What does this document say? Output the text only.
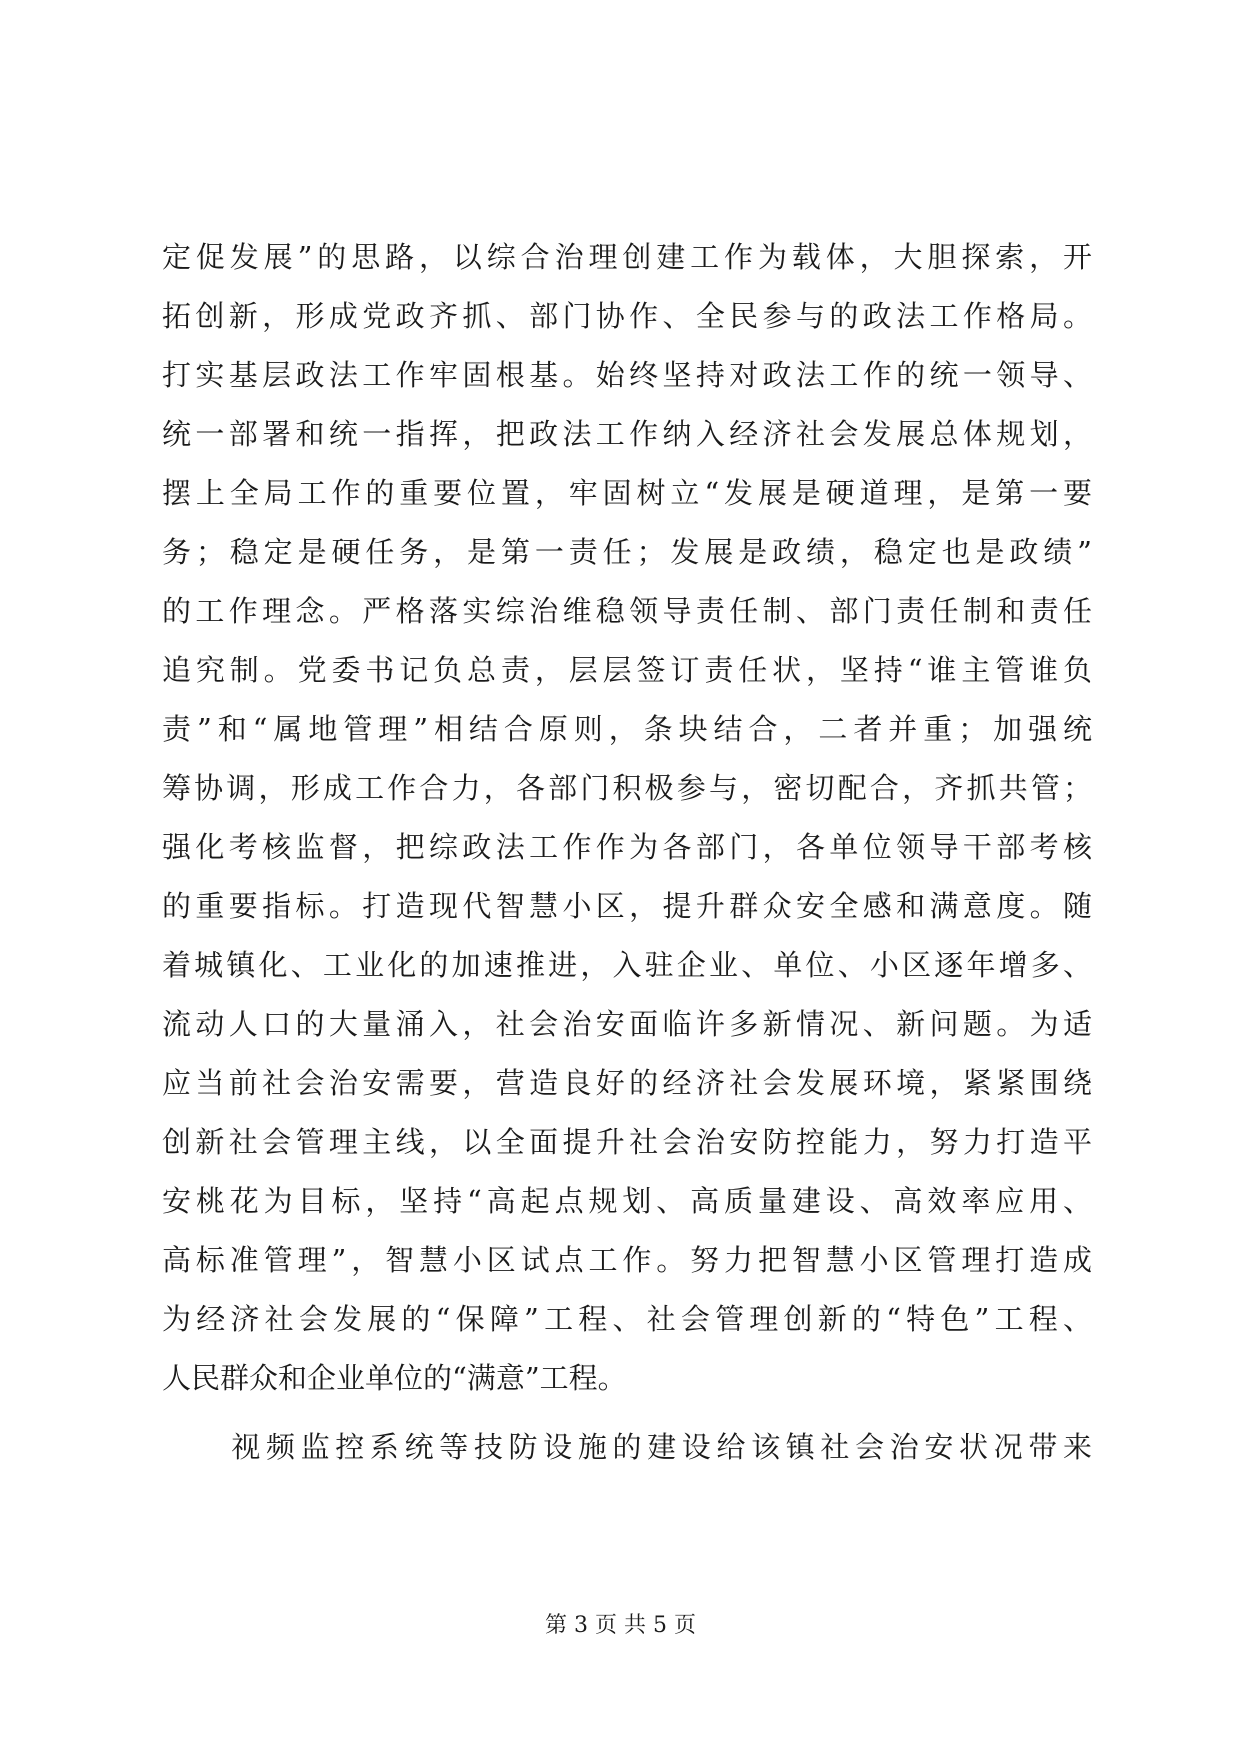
定促发展”的思路，以综合治理创建工作为载体，大胆探索，开
拓创新，形成党政齐抓、部门协作、全民参与的政法工作格局。
打实基层政法工作牢固根基。始终坚持对政法工作的统一领导、
统一部署和统一指挥，把政法工作纳入经济社会发展总体规划，
摆上全局工作的重要位置，牢固树立“发展是硬道理，是第一要
务；稳定是硬任务，是第一责任；发展是政绩，稳定也是政绩”
的工作理念。严格落实综治维稳领导责任制、部门责任制和责任
追究制。党委书记负总责，层层签订责任状，坚持“谁主管谁负
责”和“属地管理”相结合原则，条块结合，二者并重；加强统
筹协调，形成工作合力，各部门积极参与，密切配合，齐抓共管；
强化考核监督，把综政法工作作为各部门，各单位领导干部考核
的重要指标。打造现代智慧小区，提升群众安全感和满意度。随
着城镇化、工业化的加速推进，入驻企业、单位、小区逐年增多、
流动人口的大量涌入，社会治安面临许多新情况、新问题。为适
应当前社会治安需要，营造良好的经济社会发展环境，紧紧围绕
创新社会管理主线，以全面提升社会治安防控能力，努力打造平
安桃花为目标，坚持“高起点规划、高质量建设、高效率应用、
高标准管理”，智慧小区试点工作。努力把智慧小区管理打造成
为经济社会发展的“保障”工程、社会管理创新的“特色”工程、
人民群众和企业单位的“满意”工程。
　　视频监控系统等技防设施的建设给该镇社会治安状况带来
第 3 页 共 5 页
